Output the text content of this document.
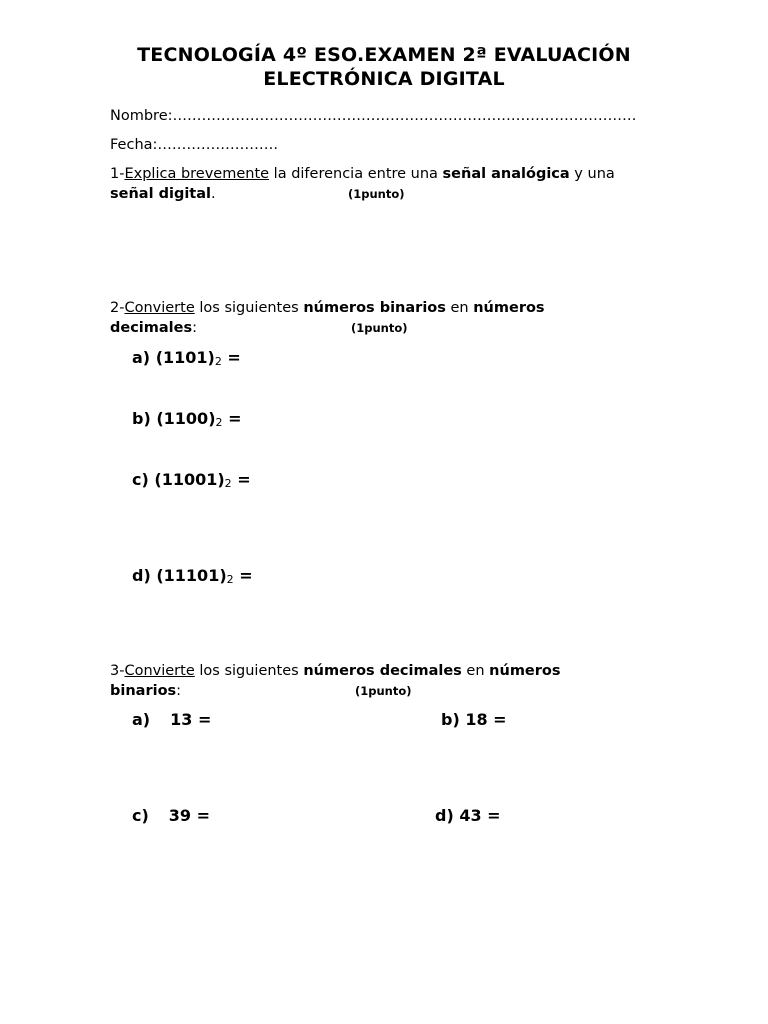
TECNOLOGÍA 4º ESO.EXAMEN 2ª EVALUACIÓN
ELECTRÓNICA DIGITAL
Nombre:……………………………………………………………………………………
Fecha:…………………….
1-Explica brevemente la diferencia entre una señal analógica y una
señal digital.	(1punto)
2-Convierte los siguientes números binarios en números
decimales:	(1punto)
a) $(1101)_2$ =
b) $(1100)_2$ =
c) $(11001)_2$ =
d) $(11101)_2$ =
3-Convierte los siguientes números decimales en números
binarios:	(1punto)
a) 13 =	b) 18 =
c) 39 =	d) 43 =
